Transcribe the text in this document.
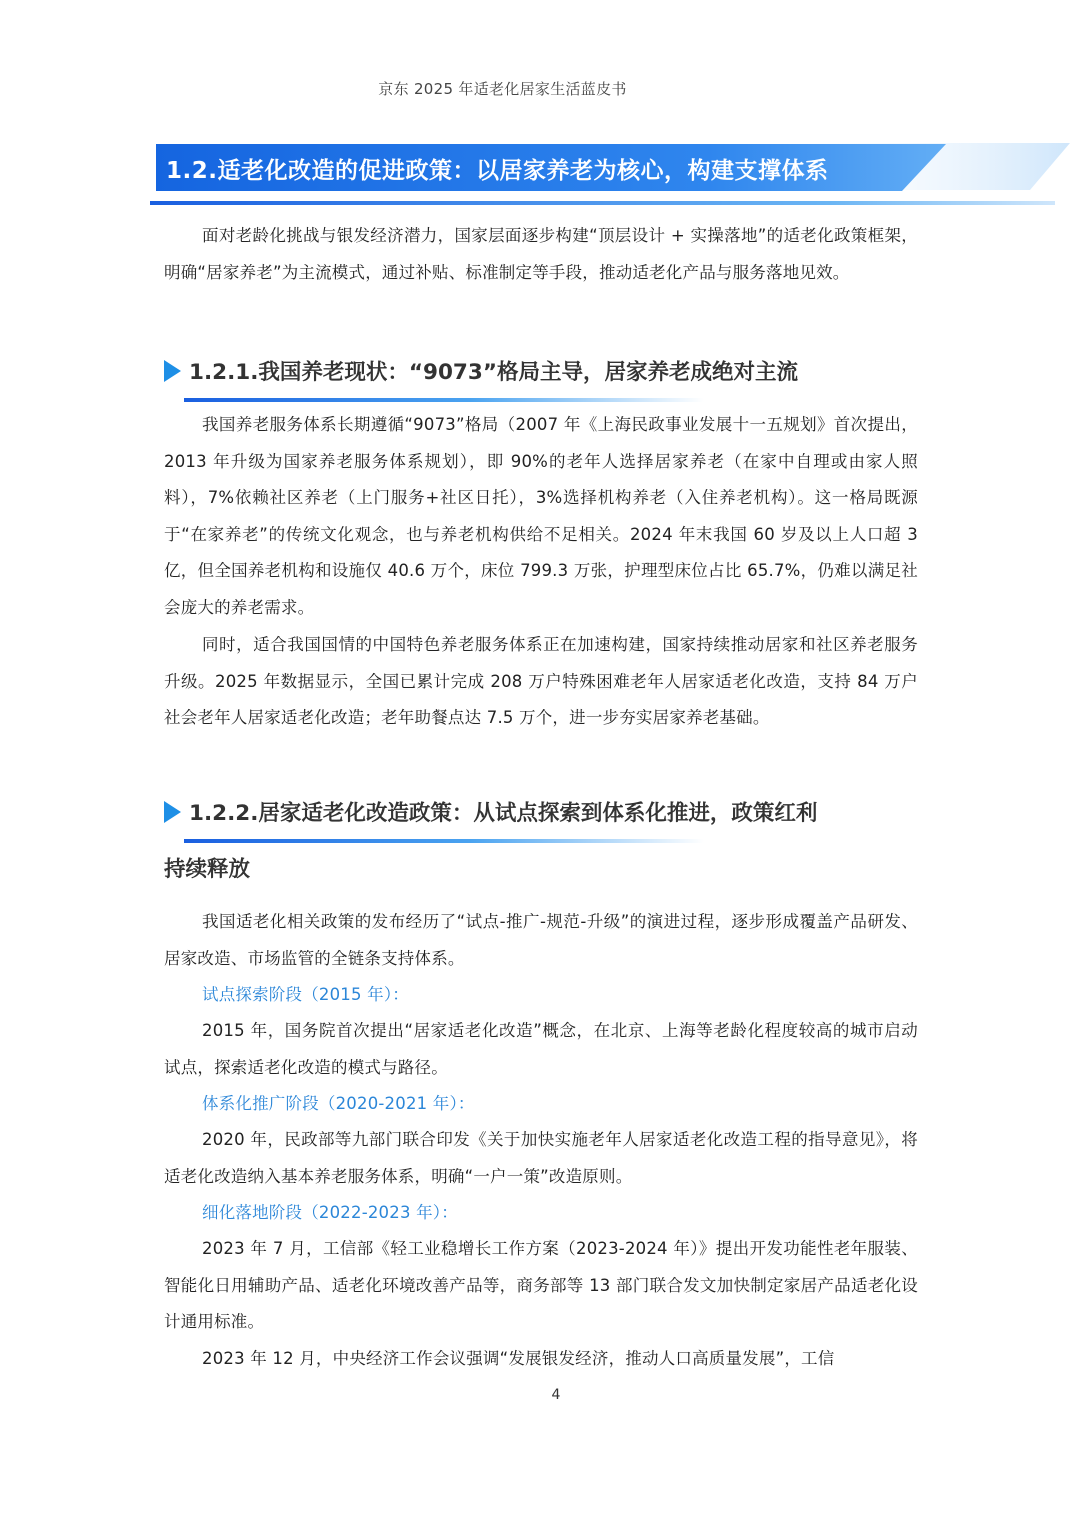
京东 2025 年适老化居家生活蓝皮书
1.2.适老化改造的促进政策：以居家养老为核心，构建支撑体系

面对老龄化挑战与银发经济潜力，国家层面逐步构建“顶层设计 + 实操落地”的适老化政策框架，明确“居家养老”为主流模式，通过补贴、标准制定等手段，推动适老化产品与服务落地见效。

1.2.1.我国养老现状：“9073”格局主导，居家养老成绝对主流

我国养老服务体系长期遵循“9073”格局（2007 年《上海民政事业发展十一五规划》首次提出，2013 年升级为国家养老服务体系规划），即 90%的老年人选择居家养老（在家中自理或由家人照料），7%依赖社区养老（上门服务+社区日托），3%选择机构养老（入住养老机构）。这一格局既源于“在家养老”的传统文化观念，也与养老机构供给不足相关。2024 年末我国 60 岁及以上人口超 3 亿，但全国养老机构和设施仅 40.6 万个，床位 799.3 万张，护理型床位占比 65.7%，仍难以满足社会庞大的养老需求。

同时，适合我国国情的中国特色养老服务体系正在加速构建，国家持续推动居家和社区养老服务升级。2025 年数据显示，全国已累计完成 208 万户特殊困难老年人居家适老化改造，支持 84 万户社会老年人居家适老化改造；老年助餐点达 7.5 万个，进一步夯实居家养老基础。

1.2.2.居家适老化改造政策：从试点探索到体系化推进，政策红利
持续释放

我国适老化相关政策的发布经历了“试点-推广-规范-升级”的演进过程，逐步形成覆盖产品研发、居家改造、市场监管的全链条支持体系。

试点探索阶段（2015 年）：

2015 年，国务院首次提出“居家适老化改造”概念，在北京、上海等老龄化程度较高的城市启动试点，探索适老化改造的模式与路径。

体系化推广阶段（2020-2021 年）：

2020 年，民政部等九部门联合印发《关于加快实施老年人居家适老化改造工程的指导意见》，将适老化改造纳入基本养老服务体系，明确“一户一策”改造原则。

细化落地阶段（2022-2023 年）：

2023 年 7 月，工信部《轻工业稳增长工作方案（2023-2024 年）》提出开发功能性老年服装、智能化日用辅助产品、适老化环境改善产品等，商务部等 13 部门联合发文加快制定家居产品适老化设计通用标准。

2023 年 12 月，中央经济工作会议强调“发展银发经济，推动人口高质量发展”，工信

4
